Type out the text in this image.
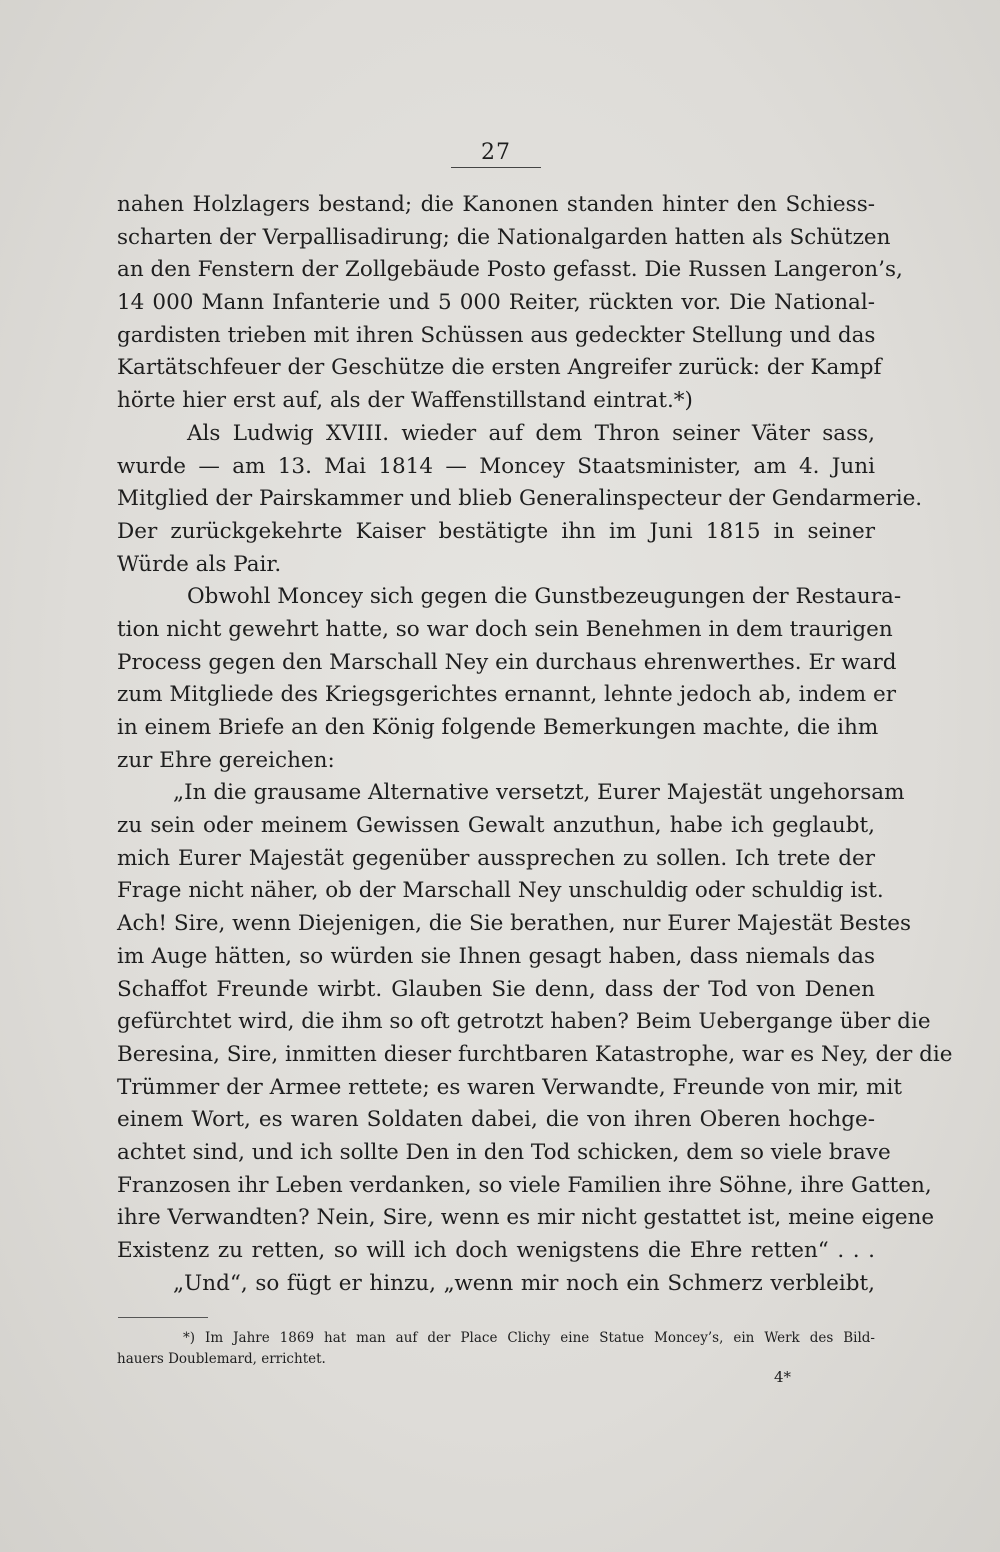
27
nahen Holzlagers bestand; die Kanonen standen hinter den Schiess-
scharten der Verpallisadirung; die Nationalgarden hatten als Schützen
an den Fenstern der Zollgebäude Posto gefasst. Die Russen Langeron’s,
14 000 Mann Infanterie und 5 000 Reiter, rückten vor. Die National-
gardisten trieben mit ihren Schüssen aus gedeckter Stellung und das
Kartätschfeuer der Geschütze die ersten Angreifer zurück: der Kampf
hörte hier erst auf, als der Waffenstillstand eintrat.*)
Als Ludwig XVIII. wieder auf dem Thron seiner Väter sass,
wurde — am 13. Mai 1814 — Moncey Staatsminister, am 4. Juni
Mitglied der Pairskammer und blieb Generalinspecteur der Gendarmerie.
Der zurückgekehrte Kaiser bestätigte ihn im Juni 1815 in seiner
Würde als Pair.
Obwohl Moncey sich gegen die Gunstbezeugungen der Restaura-
tion nicht gewehrt hatte, so war doch sein Benehmen in dem traurigen
Process gegen den Marschall Ney ein durchaus ehrenwerthes. Er ward
zum Mitgliede des Kriegsgerichtes ernannt, lehnte jedoch ab, indem er
in einem Briefe an den König folgende Bemerkungen machte, die ihm
zur Ehre gereichen:
„In die grausame Alternative versetzt, Eurer Majestät ungehorsam
zu sein oder meinem Gewissen Gewalt anzuthun, habe ich geglaubt,
mich Eurer Majestät gegenüber aussprechen zu sollen. Ich trete der
Frage nicht näher, ob der Marschall Ney unschuldig oder schuldig ist.
Ach! Sire, wenn Diejenigen, die Sie berathen, nur Eurer Majestät Bestes
im Auge hätten, so würden sie Ihnen gesagt haben, dass niemals das
Schaffot Freunde wirbt. Glauben Sie denn, dass der Tod von Denen
gefürchtet wird, die ihm so oft getrotzt haben? Beim Uebergange über die
Beresina, Sire, inmitten dieser furchtbaren Katastrophe, war es Ney, der die
Trümmer der Armee rettete; es waren Verwandte, Freunde von mir, mit
einem Wort, es waren Soldaten dabei, die von ihren Oberen hochge-
achtet sind, und ich sollte Den in den Tod schicken, dem so viele brave
Franzosen ihr Leben verdanken, so viele Familien ihre Söhne, ihre Gatten,
ihre Verwandten? Nein, Sire, wenn es mir nicht gestattet ist, meine eigene
Existenz zu retten, so will ich doch wenigstens die Ehre retten“ . . .
„Und“, so fügt er hinzu, „wenn mir noch ein Schmerz verbleibt,
*) Im Jahre 1869 hat man auf der Place Clichy eine Statue Moncey’s, ein Werk des Bild-
hauers Doublemard, errichtet.
4*
